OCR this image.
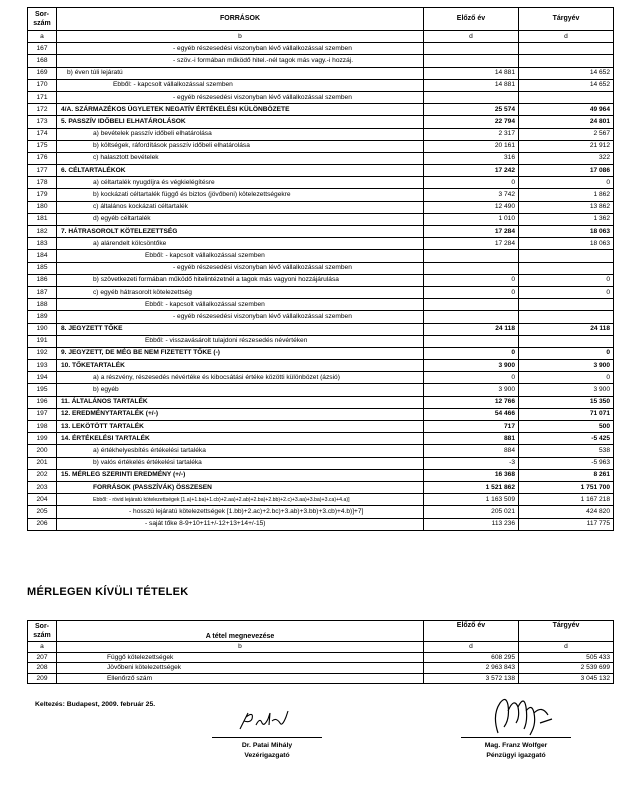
Sor-
szám	FORRÁSOK	Előző év	Tárgyév
a	b	d	d
167	- egyéb részesedési viszonyban lévő vállalkozással szemben		
168	- szöv.-i formában működő hitel.-nél tagok más vagy.-i hozzáj.		
169	b) éven túli lejáratú	14 881	14 652
170	Ebből: - kapcsolt vállalkozással szemben	14 881	14 652
171	- egyéb részesedési viszonyban lévő vállalkozással szemben		
172	4/A. SZÁRMAZÉKOS ÜGYLETEK NEGATÍV ÉRTÉKELÉSI KÜLÖNBÖZETE	25 574	49 964
173	5. PASSZÍV IDŐBELI ELHATÁROLÁSOK	22 794	24 801
174	a) bevételek passzív időbeli elhatárolása	2 317	2 567
175	b) költségek, ráfordítások passzív időbeli elhatárolása	20 161	21 912
176	c) halasztott bevételek	316	322
177	6. CÉLTARTALÉKOK	17 242	17 086
178	a) céltartalék nyugdíjra és végkielégítésre	0	0
179	b) kockázati céltartalék függő és biztos (jövőbeni) kötelezettségekre	3 742	1 862
180	c) általános kockázati céltartalék	12 490	13 862
181	d) egyéb céltartalék	1 010	1 362
182	7. HÁTRASOROLT KÖTELEZETTSÉG	17 284	18 063
183	a) alárendelt kölcsöntőke	17 284	18 063
184	Ebből: - kapcsolt vállalkozással szemben		
185	- egyéb részesedési viszonyban lévő vállalkozással szemben		
186	b) szövetkezeti formában működő hitelintézetnél a tagok más vagyoni hozzájárulása	0	0
187	c) egyéb hátrasorolt kötelezettség	0	0
188	Ebből: - kapcsolt vállalkozással szemben		
189	- egyéb részesedési viszonyban lévő vállalkozással szemben		
190	8. JEGYZETT TŐKE	24 118	24 118
191	Ebből: - visszavásárolt tulajdoni részesedés névértéken		
192	9. JEGYZETT, DE MÉG BE NEM FIZETETT TŐKE (-)	0	0
193	10. TŐKETARTALÉK	3 900	3 900
194	a) a részvény, részesedés névértéke és kibocsátási értéke közötti különbözet (ázsió)	0	0
195	b) egyéb	3 900	3 900
196	11. ÁLTALÁNOS TARTALÉK	12 766	15 350
197	12. EREDMÉNYTARTALÉK (+/-)	54 466	71 071
198	13. LEKÖTÖTT TARTALÉK	717	500
199	14. ÉRTÉKELÉSI TARTALÉK	881	-5 425
200	a) értékhelyesbítés értékelési tartaléka	884	538
201	b) valós értékelés értékelési tartaléka	-3	-5 963
202	15. MÉRLEG SZERINTI EREDMÉNY (+/-)	16 368	8 261
203	FORRÁSOK (PASSZÍVÁK) ÖSSZESEN	1 521 862	1 751 700
204	Ebből: - rövid lejáratú kötelezettségek [1.a)+1.ba)+1.cb)+2.aa)+2.ab)+2.ba)+2.bb)+2.c)+3.aa)+3.ba)+3.ca)+4.a)]	1 163 509	1 167 218
205	- hosszú lejáratú kötelezettségek [1.bb)+2.ac)+2.bc)+3.ab)+3.bb)+3.cb)+4.b)]+7]	205 021	424 820
206	- saját tőke 8-9+10+11+/-12+13+14+/-15)	113 236	117 775
MÉRLEGEN KÍVÜLI TÉTELEK
Sor-
szám	A tétel megnevezése	Előző év	Tárgyév
a	b	d	d
207	Függő kötelezettségek	608 295	505 433
208	Jövőbeni kötelezettségek	2 963 843	2 539 699
209	Ellenőrző szám	3 572 138	3 045 132
Keltezés: Budapest, 2009. február 25.
Dr. Patai Mihály
Vezérigazgató
Mag. Franz Wolfger
Pénzügyi igazgató
